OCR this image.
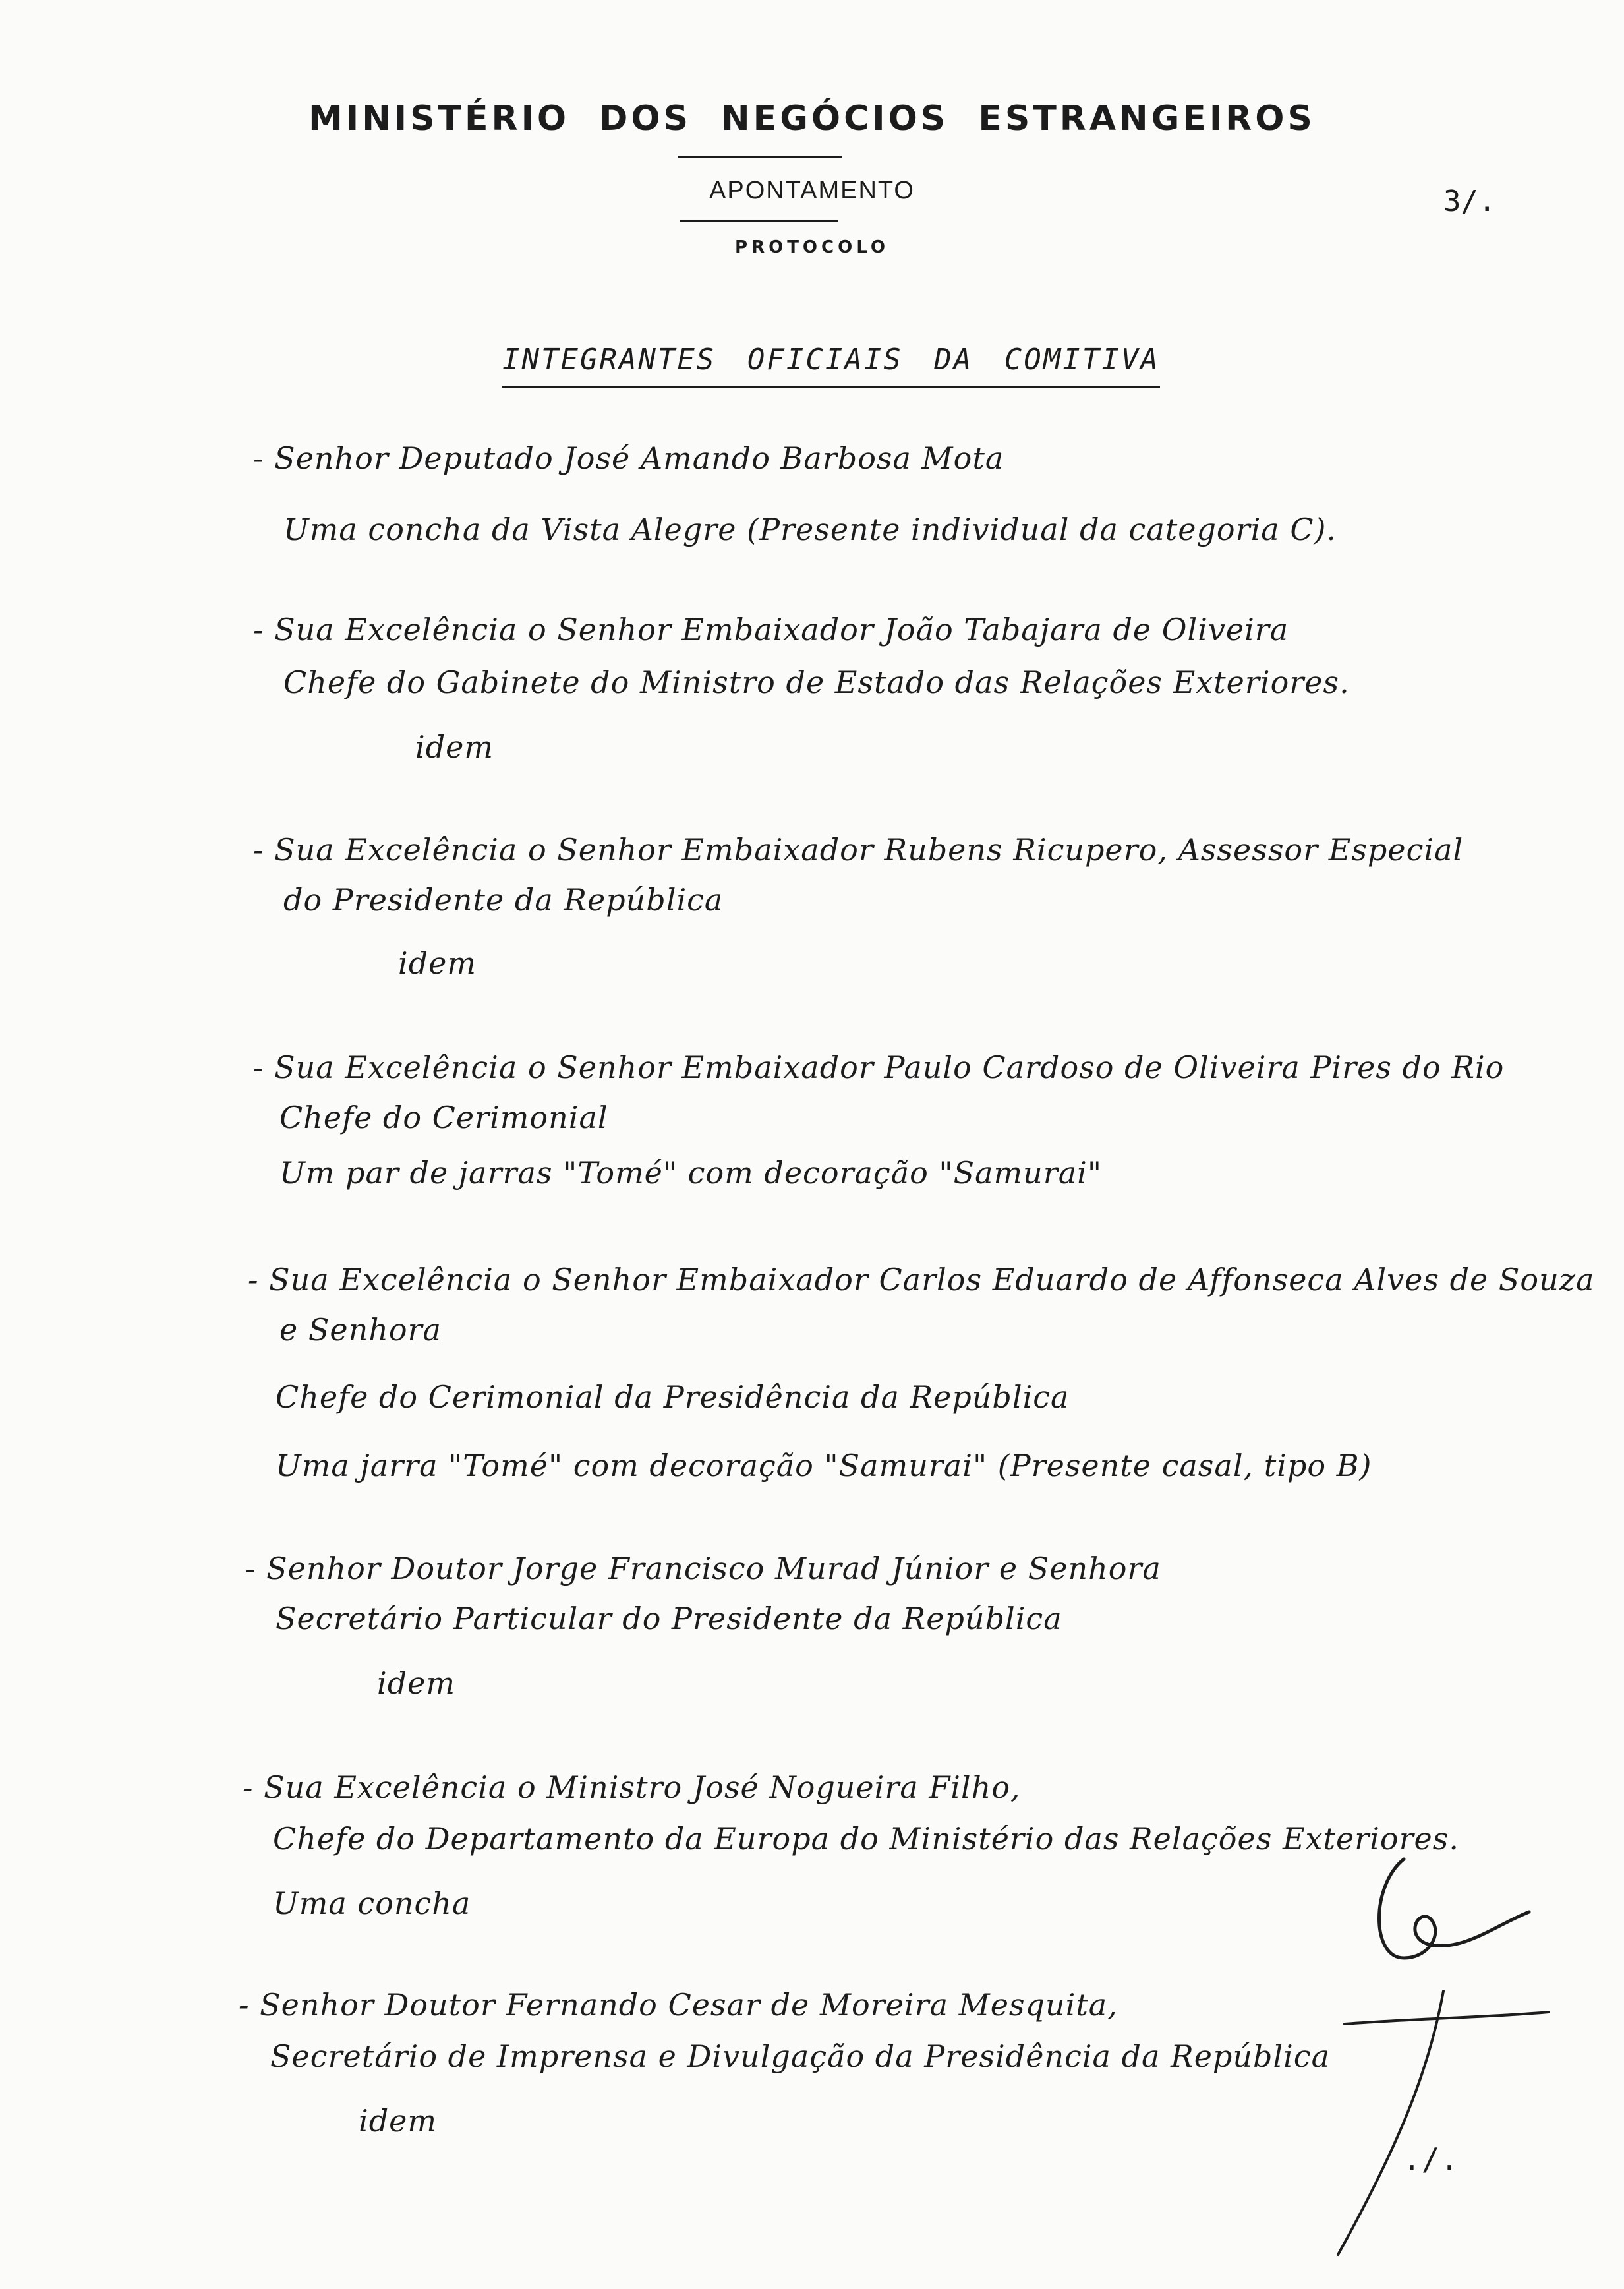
MINISTÉRIO DOS NEGÓCIOS ESTRANGEIROS
APONTAMENTO
PROTOCOLO
3/.
INTEGRANTES OFICIAIS DA COMITIVA
- Senhor Deputado José Amando Barbosa Mota
Uma concha da Vista Alegre (Presente individual da categoria C).
- Sua Excelência o Senhor Embaixador João Tabajara de Oliveira
Chefe do Gabinete do Ministro de Estado das Relações Exteriores.
idem
- Sua Excelência o Senhor Embaixador Rubens Ricupero, Assessor Especial
do Presidente da República
idem
- Sua Excelência o Senhor Embaixador Paulo Cardoso de Oliveira Pires do Rio
Chefe do Cerimonial
Um par de jarras "Tomé" com decoração "Samurai"
- Sua Excelência o Senhor Embaixador Carlos Eduardo de Affonseca Alves de Souza
e Senhora
Chefe do Cerimonial da Presidência da República
Uma jarra "Tomé" com decoração "Samurai" (Presente casal, tipo B)
- Senhor Doutor Jorge Francisco Murad Júnior e Senhora
Secretário Particular do Presidente da República
idem
- Sua Excelência o Ministro José Nogueira Filho,
Chefe do Departamento da Europa do Ministério das Relações Exteriores.
Uma concha
- Senhor Doutor Fernando Cesar de Moreira Mesquita,
Secretário de Imprensa e Divulgação da Presidência da República
idem
./.
